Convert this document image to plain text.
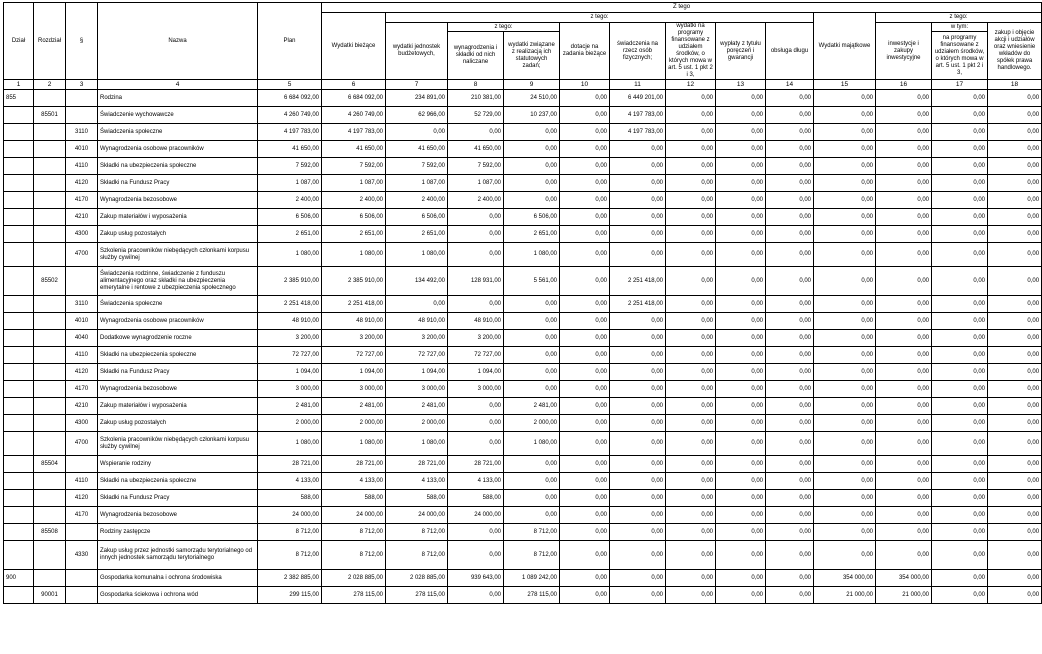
Dział	Rozdział	§	Nazwa	Plan	Z tego												
					Wydatki bieżące	z tego:								Wydatki majątkowe	z tego:		
						wydatki jednostek budżetowych,	z tego:		dotacje na zadania bieżące	świadczenia na rzecz osób fizycznych;	wydatki na programy finansowane z udziałem środków, o których mowa w art. 5 ust. 1 pkt 2 i 3,	wypłaty z tytułu poręczeń i gwarancji	obsługa długu		inwestycje i zakupy inwestycyjne	w tym:	zakup i objęcie akcji i udziałów oraz wniesienie wkładów do spółek prawa handlowego.
							wynagrodzenia i składki od nich naliczane	wydatki związane z realizacją ich statutowych zadań;								na programy finansowane z udziałem środków, o których mowa w art. 5 ust. 1 pkt 2 i 3,	

1	2	3	4	5	6	7	8	9	10	11	12	13	14	15	16	17	18
855			Rodzina	6 684 092,00	6 684 092,00	234 891,00	210 381,00	24 510,00	0,00	6 449 201,00	0,00	0,00	0,00	0,00	0,00	0,00	0,00
	85501		Świadczenie wychowawcze	4 260 749,00	4 260 749,00	62 966,00	52 729,00	10 237,00	0,00	4 197 783,00	0,00	0,00	0,00	0,00	0,00	0,00	0,00
		3110	Świadczenia społeczne	4 197 783,00	4 197 783,00	0,00	0,00	0,00	0,00	4 197 783,00	0,00	0,00	0,00	0,00	0,00	0,00	0,00
		4010	Wynagrodzenia osobowe pracowników	41 650,00	41 650,00	41 650,00	41 650,00	0,00	0,00	0,00	0,00	0,00	0,00	0,00	0,00	0,00	0,00
		4110	Składki na ubezpieczenia społeczne	7 592,00	7 592,00	7 592,00	7 592,00	0,00	0,00	0,00	0,00	0,00	0,00	0,00	0,00	0,00	0,00
		4120	Składki na Fundusz Pracy	1 087,00	1 087,00	1 087,00	1 087,00	0,00	0,00	0,00	0,00	0,00	0,00	0,00	0,00	0,00	0,00
		4170	Wynagrodzenia bezosobowe	2 400,00	2 400,00	2 400,00	2 400,00	0,00	0,00	0,00	0,00	0,00	0,00	0,00	0,00	0,00	0,00
		4210	Zakup materiałów i wyposażenia	6 506,00	6 506,00	6 506,00	0,00	6 506,00	0,00	0,00	0,00	0,00	0,00	0,00	0,00	0,00	0,00
		4300	Zakup usług pozostałych	2 651,00	2 651,00	2 651,00	0,00	2 651,00	0,00	0,00	0,00	0,00	0,00	0,00	0,00	0,00	0,00
		4700	Szkolenia pracowników niebędących członkami korpusu służby cywilnej	1 080,00	1 080,00	1 080,00	0,00	1 080,00	0,00	0,00	0,00	0,00	0,00	0,00	0,00	0,00	0,00
	85502		Świadczenia rodzinne, świadczenie z funduszu alimentacyjnego oraz składki na ubezpieczenia emerytalne i rentowe z ubezpieczenia społecznego	2 385 910,00	2 385 910,00	134 492,00	128 931,00	5 561,00	0,00	2 251 418,00	0,00	0,00	0,00	0,00	0,00	0,00	0,00
		3110	Świadczenia społeczne	2 251 418,00	2 251 418,00	0,00	0,00	0,00	0,00	2 251 418,00	0,00	0,00	0,00	0,00	0,00	0,00	0,00
		4010	Wynagrodzenia osobowe pracowników	48 910,00	48 910,00	48 910,00	48 910,00	0,00	0,00	0,00	0,00	0,00	0,00	0,00	0,00	0,00	0,00
		4040	Dodatkowe wynagrodzenie roczne	3 200,00	3 200,00	3 200,00	3 200,00	0,00	0,00	0,00	0,00	0,00	0,00	0,00	0,00	0,00	0,00
		4110	Składki na ubezpieczenia społeczne	72 727,00	72 727,00	72 727,00	72 727,00	0,00	0,00	0,00	0,00	0,00	0,00	0,00	0,00	0,00	0,00
		4120	Składki na Fundusz Pracy	1 094,00	1 094,00	1 094,00	1 094,00	0,00	0,00	0,00	0,00	0,00	0,00	0,00	0,00	0,00	0,00
		4170	Wynagrodzenia bezosobowe	3 000,00	3 000,00	3 000,00	3 000,00	0,00	0,00	0,00	0,00	0,00	0,00	0,00	0,00	0,00	0,00
		4210	Zakup materiałów i wyposażenia	2 481,00	2 481,00	2 481,00	0,00	2 481,00	0,00	0,00	0,00	0,00	0,00	0,00	0,00	0,00	0,00
		4300	Zakup usług pozostałych	2 000,00	2 000,00	2 000,00	0,00	2 000,00	0,00	0,00	0,00	0,00	0,00	0,00	0,00	0,00	0,00
		4700	Szkolenia pracowników niebędących członkami korpusu służby cywilnej	1 080,00	1 080,00	1 080,00	0,00	1 080,00	0,00	0,00	0,00	0,00	0,00	0,00	0,00	0,00	0,00
	85504		Wspieranie rodziny	28 721,00	28 721,00	28 721,00	28 721,00	0,00	0,00	0,00	0,00	0,00	0,00	0,00	0,00	0,00	0,00
		4110	Składki na ubezpieczenia społeczne	4 133,00	4 133,00	4 133,00	4 133,00	0,00	0,00	0,00	0,00	0,00	0,00	0,00	0,00	0,00	0,00
		4120	Składki na Fundusz Pracy	588,00	588,00	588,00	588,00	0,00	0,00	0,00	0,00	0,00	0,00	0,00	0,00	0,00	0,00
		4170	Wynagrodzenia bezosobowe	24 000,00	24 000,00	24 000,00	24 000,00	0,00	0,00	0,00	0,00	0,00	0,00	0,00	0,00	0,00	0,00
	85508		Rodziny zastępcze	8 712,00	8 712,00	8 712,00	0,00	8 712,00	0,00	0,00	0,00	0,00	0,00	0,00	0,00	0,00	0,00
		4330	Zakup usług przez jednostki samorządu terytorialnego od innych jednostek samorządu terytorialnego	8 712,00	8 712,00	8 712,00	0,00	8 712,00	0,00	0,00	0,00	0,00	0,00	0,00	0,00	0,00	0,00
900			Gospodarka komunalna i ochrona środowiska	2 382 885,00	2 028 885,00	2 028 885,00	939 643,00	1 089 242,00	0,00	0,00	0,00	0,00	0,00	354 000,00	354 000,00	0,00	0,00
	90001		Gospodarka ściekowa i ochrona wód	299 115,00	278 115,00	278 115,00	0,00	278 115,00	0,00	0,00	0,00	0,00	0,00	21 000,00	21 000,00	0,00	0,00
